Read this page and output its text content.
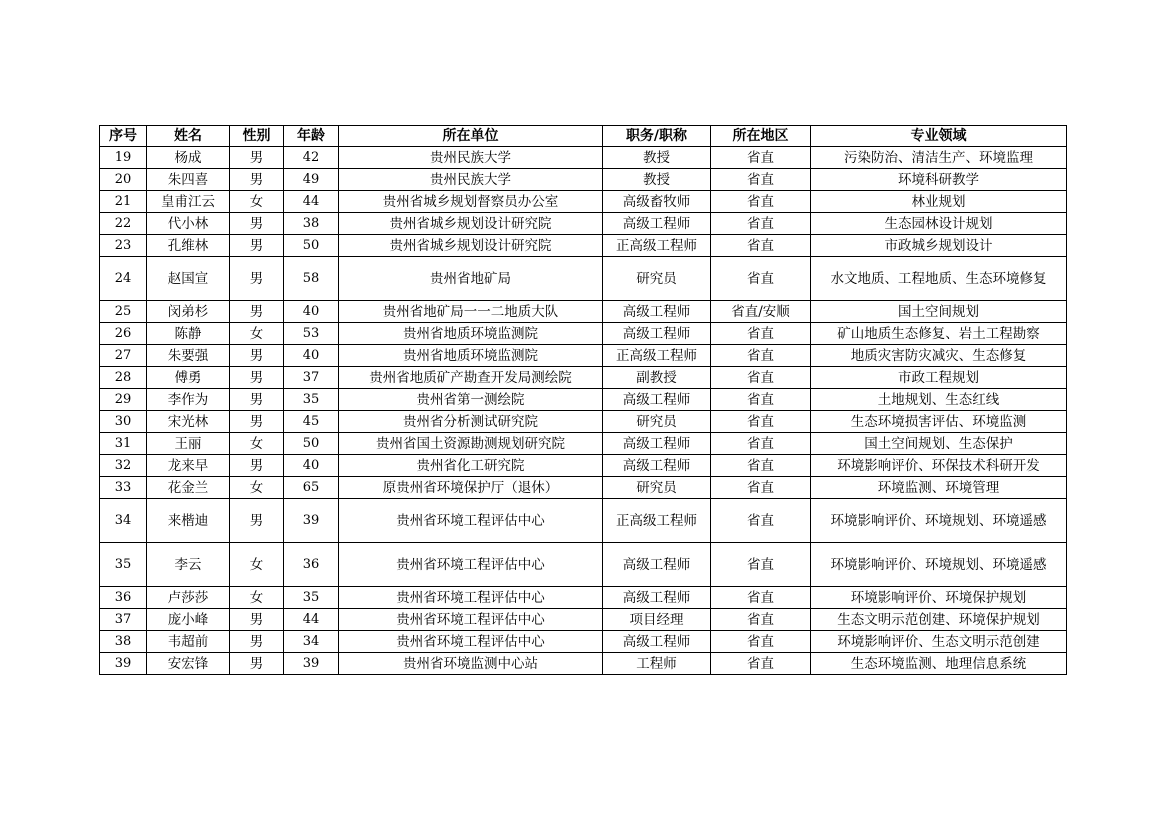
序号	姓名	性别	年龄	所在单位	职务/职称	所在地区	专业领域
19	杨成	男	42	贵州民族大学	教授	省直	污染防治、清洁生产、环境监理
20	朱四喜	男	49	贵州民族大学	教授	省直	环境科研教学
21	皇甫江云	女	44	贵州省城乡规划督察员办公室	高级畜牧师	省直	林业规划
22	代小林	男	38	贵州省城乡规划设计研究院	高级工程师	省直	生态园林设计规划
23	孔维林	男	50	贵州省城乡规划设计研究院	正高级工程师	省直	市政城乡规划设计
24	赵国宣	男	58	贵州省地矿局	研究员	省直	水文地质、工程地质、生态环境修复
25	闵弟杉	男	40	贵州省地矿局一一二地质大队	高级工程师	省直/安顺	国土空间规划
26	陈静	女	53	贵州省地质环境监测院	高级工程师	省直	矿山地质生态修复、岩土工程勘察
27	朱要强	男	40	贵州省地质环境监测院	正高级工程师	省直	地质灾害防灾减灾、生态修复
28	傅勇	男	37	贵州省地质矿产勘查开发局测绘院	副教授	省直	市政工程规划
29	李作为	男	35	贵州省第一测绘院	高级工程师	省直	土地规划、生态红线
30	宋光林	男	45	贵州省分析测试研究院	研究员	省直	生态环境损害评估、环境监测
31	王丽	女	50	贵州省国土资源勘测规划研究院	高级工程师	省直	国土空间规划、生态保护
32	龙来早	男	40	贵州省化工研究院	高级工程师	省直	环境影响评价、环保技术科研开发
33	花金兰	女	65	原贵州省环境保护厅（退休）	研究员	省直	环境监测、环境管理
34	来楷迪	男	39	贵州省环境工程评估中心	正高级工程师	省直	环境影响评价、环境规划、环境遥感
35	李云	女	36	贵州省环境工程评估中心	高级工程师	省直	环境影响评价、环境规划、环境遥感
36	卢莎莎	女	35	贵州省环境工程评估中心	高级工程师	省直	环境影响评价、环境保护规划
37	庞小峰	男	44	贵州省环境工程评估中心	项目经理	省直	生态文明示范创建、环境保护规划
38	韦超前	男	34	贵州省环境工程评估中心	高级工程师	省直	环境影响评价、生态文明示范创建
39	安宏锋	男	39	贵州省环境监测中心站	工程师	省直	生态环境监测、地理信息系统
